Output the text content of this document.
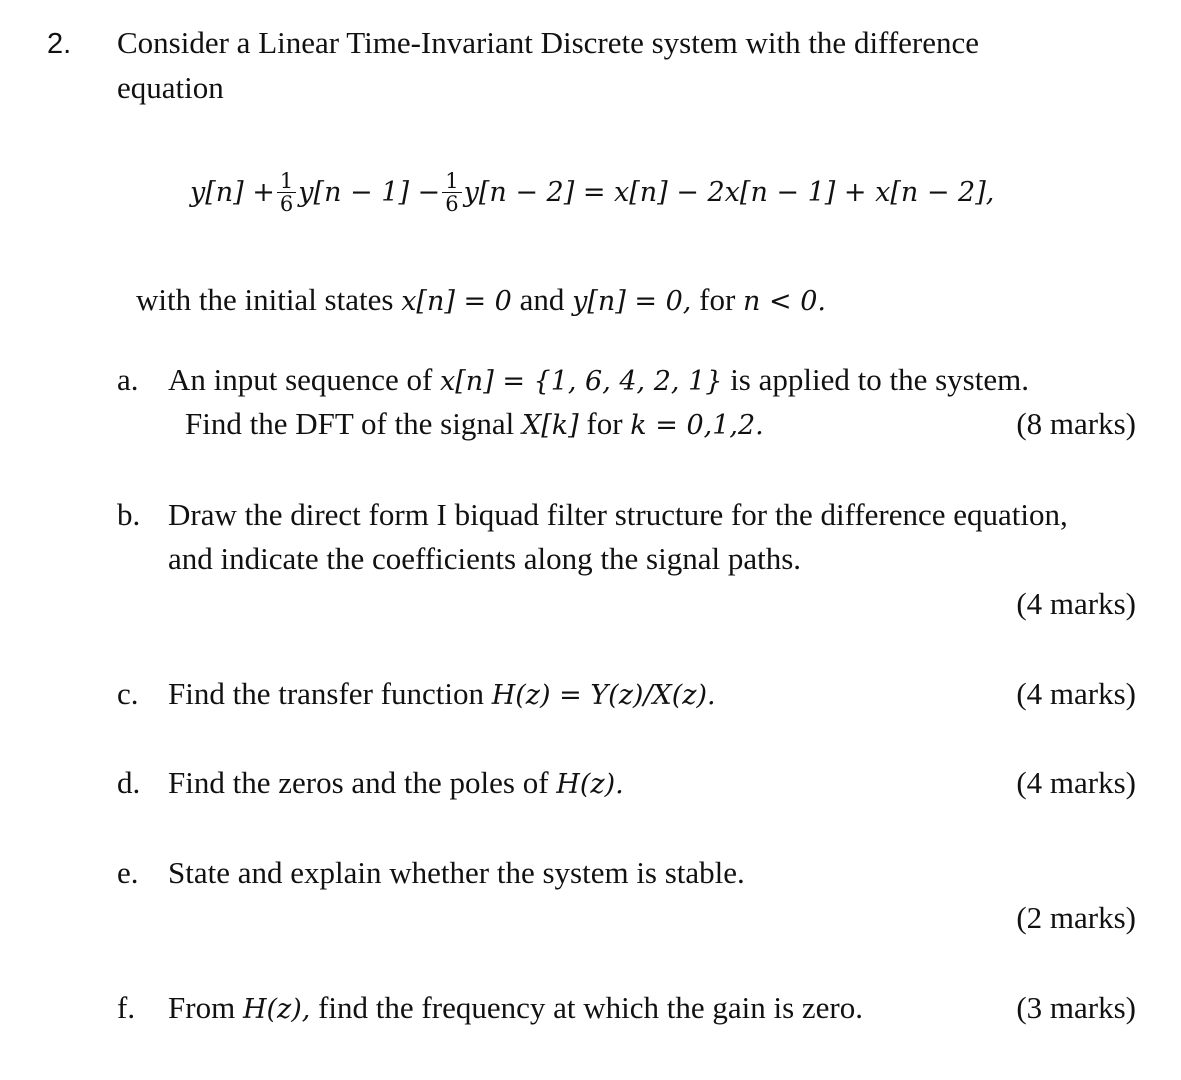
2. Consider a Linear Time-Invariant Discrete system with the difference
equation
$y[n] + \frac{1}{6} y[n - 1] - \frac{1}{6} y[n - 2] = x[n] - 2x[n - 1] + x[n - 2]$,
with the initial states x[n] = 0 and y[n] = 0, for n < 0.
a. An input sequence of x[n] = {1, 6, 4, 2, 1} is applied to the system.
Find the DFT of the signal X[k] for k = 0,1,2.	(8 marks)
b. Draw the direct form I biquad filter structure for the difference equation,
and indicate the coefficients along the signal paths.
(4 marks)
c. Find the transfer function H(z) = Y(z)/X(z).	(4 marks)
d. Find the zeros and the poles of H(z).	(4 marks)
e. State and explain whether the system is stable.
(2 marks)
f. From H(z), find the frequency at which the gain is zero.	(3 marks)
